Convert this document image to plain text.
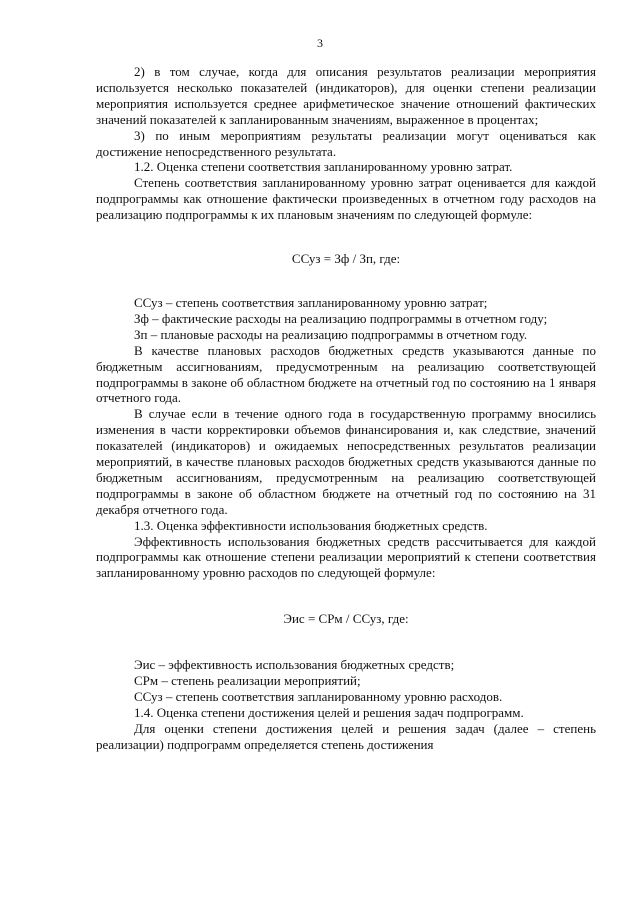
3

2) в том случае, когда для описания результатов реализации мероприятия используется несколько показателей (индикаторов), для оценки степени реализации мероприятия используется среднее арифметическое значение отношений фактических значений показателей к запланированным значениям, выраженное в процентах;

3) по иным мероприятиям результаты реализации могут оцениваться как достижение непосредственного результата.

1.2. Оценка степени соответствия запланированному уровню затрат.

Степень соответствия запланированному уровню затрат оценивается для каждой подпрограммы как отношение фактически произведенных в отчетном году расходов на реализацию подпрограммы к их плановым значениям по следующей формуле:

ССуз = Зф / Зп, где:

ССуз – степень соответствия запланированному уровню затрат;

Зф – фактические расходы на реализацию подпрограммы в отчетном году;

Зп – плановые расходы на реализацию подпрограммы в отчетном году.

В качестве плановых расходов бюджетных средств указываются данные по бюджетным ассигнованиям, предусмотренным на реализацию соответствующей подпрограммы в законе об областном бюджете на отчетный год по состоянию на 1 января отчетного года.

В случае если в течение одного года в государственную программу вносились изменения в части корректировки объемов финансирования и, как следствие, значений показателей (индикаторов) и ожидаемых непосредственных результатов реализации мероприятий, в качестве плановых расходов бюджетных средств указываются данные по бюджетным ассигнованиям, предусмотренным на реализацию соответствующей подпрограммы в законе об областном бюджете на отчетный год по состоянию на 31 декабря отчетного года.

1.3. Оценка эффективности использования бюджетных средств.

Эффективность использования бюджетных средств рассчитывается для каждой подпрограммы как отношение степени реализации мероприятий к степени соответствия запланированному уровню расходов по следующей формуле:

Эис = СРм / ССуз, где:

Эис – эффективность использования бюджетных средств;

СРм – степень реализации мероприятий;

ССуз – степень соответствия запланированному уровню расходов.

1.4. Оценка степени достижения целей и решения задач подпрограмм.

Для оценки степени достижения целей и решения задач (далее – степень реализации) подпрограмм определяется степень достижения
